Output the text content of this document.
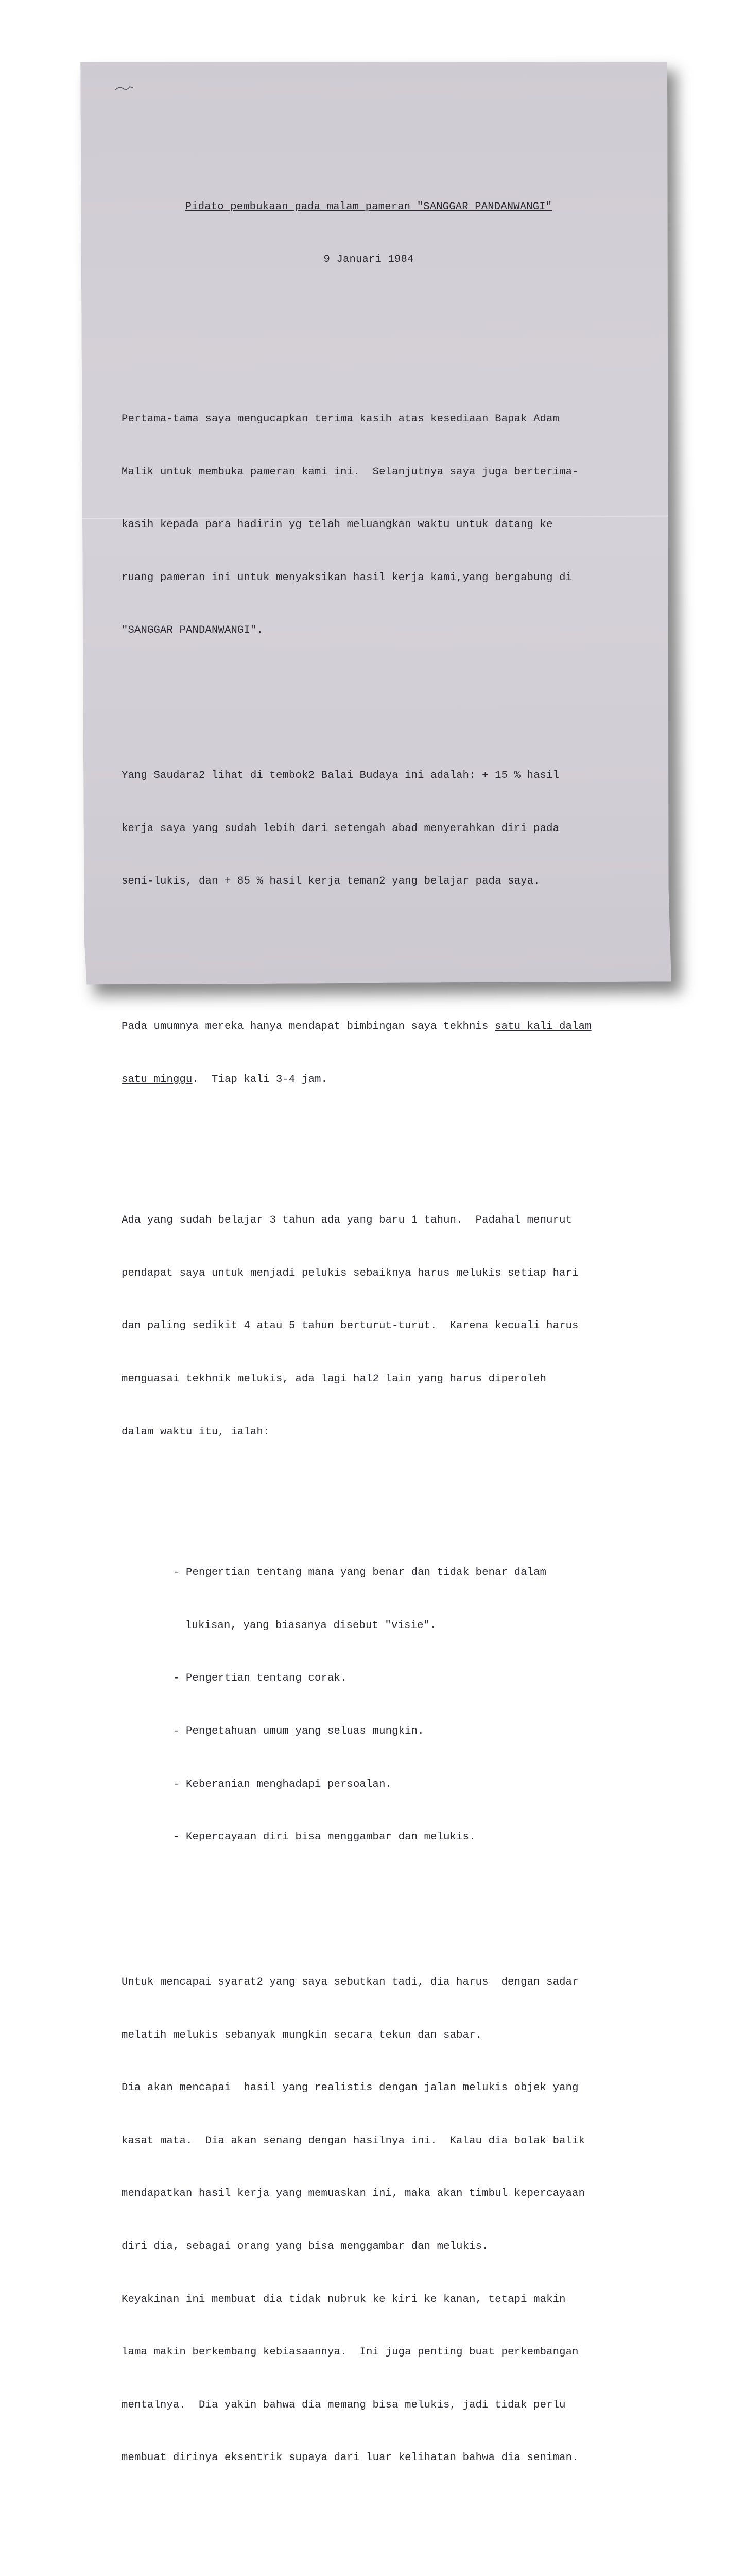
Pidato pembukaan pada malam pameran "SANGGAR PANDANWANGI"

9 Januari 1984

Pertama-tama saya mengucapkan terima kasih atas kesediaan Bapak Adam

Malik untuk membuka pameran kami ini.  Selanjutnya saya juga berterima-

kasih kepada para hadirin yg telah meluangkan waktu untuk datang ke

ruang pameran ini untuk menyaksikan hasil kerja kami,yang bergabung di

"SANGGAR PANDANWANGI".

Yang Saudara2 lihat di tembok2 Balai Budaya ini adalah: + 15 % hasil

kerja saya yang sudah lebih dari setengah abad menyerahkan diri pada

seni-lukis, dan + 85 % hasil kerja teman2 yang belajar pada saya.

Pada umumnya mereka hanya mendapat bimbingan saya tekhnis satu kali dalam

satu minggu.  Tiap kali 3-4 jam.

Ada yang sudah belajar 3 tahun ada yang baru 1 tahun.  Padahal menurut

pendapat saya untuk menjadi pelukis sebaiknya harus melukis setiap hari

dan paling sedikit 4 atau 5 tahun berturut-turut.  Karena kecuali harus

menguasai tekhnik melukis, ada lagi hal2 lain yang harus diperoleh

dalam waktu itu, ialah:

- Pengertian tentang mana yang benar dan tidak benar dalam

lukisan, yang biasanya disebut "visie".

- Pengertian tentang corak.

- Pengetahuan umum yang seluas mungkin.

- Keberanian menghadapi persoalan.

- Kepercayaan diri bisa menggambar dan melukis.

Untuk mencapai syarat2 yang saya sebutkan tadi, dia harus  dengan sadar

melatih melukis sebanyak mungkin secara tekun dan sabar.

Dia akan mencapai  hasil yang realistis dengan jalan melukis objek yang

kasat mata.  Dia akan senang dengan hasilnya ini.  Kalau dia bolak balik

mendapatkan hasil kerja yang memuaskan ini, maka akan timbul kepercayaan

diri dia, sebagai orang yang bisa menggambar dan melukis.

Keyakinan ini membuat dia tidak nubruk ke kiri ke kanan, tetapi makin

lama makin berkembang kebiasaannya.  Ini juga penting buat perkembangan

mentalnya.  Dia yakin bahwa dia memang bisa melukis, jadi tidak perlu

membuat dirinya eksentrik supaya dari luar kelihatan bahwa dia seniman.
